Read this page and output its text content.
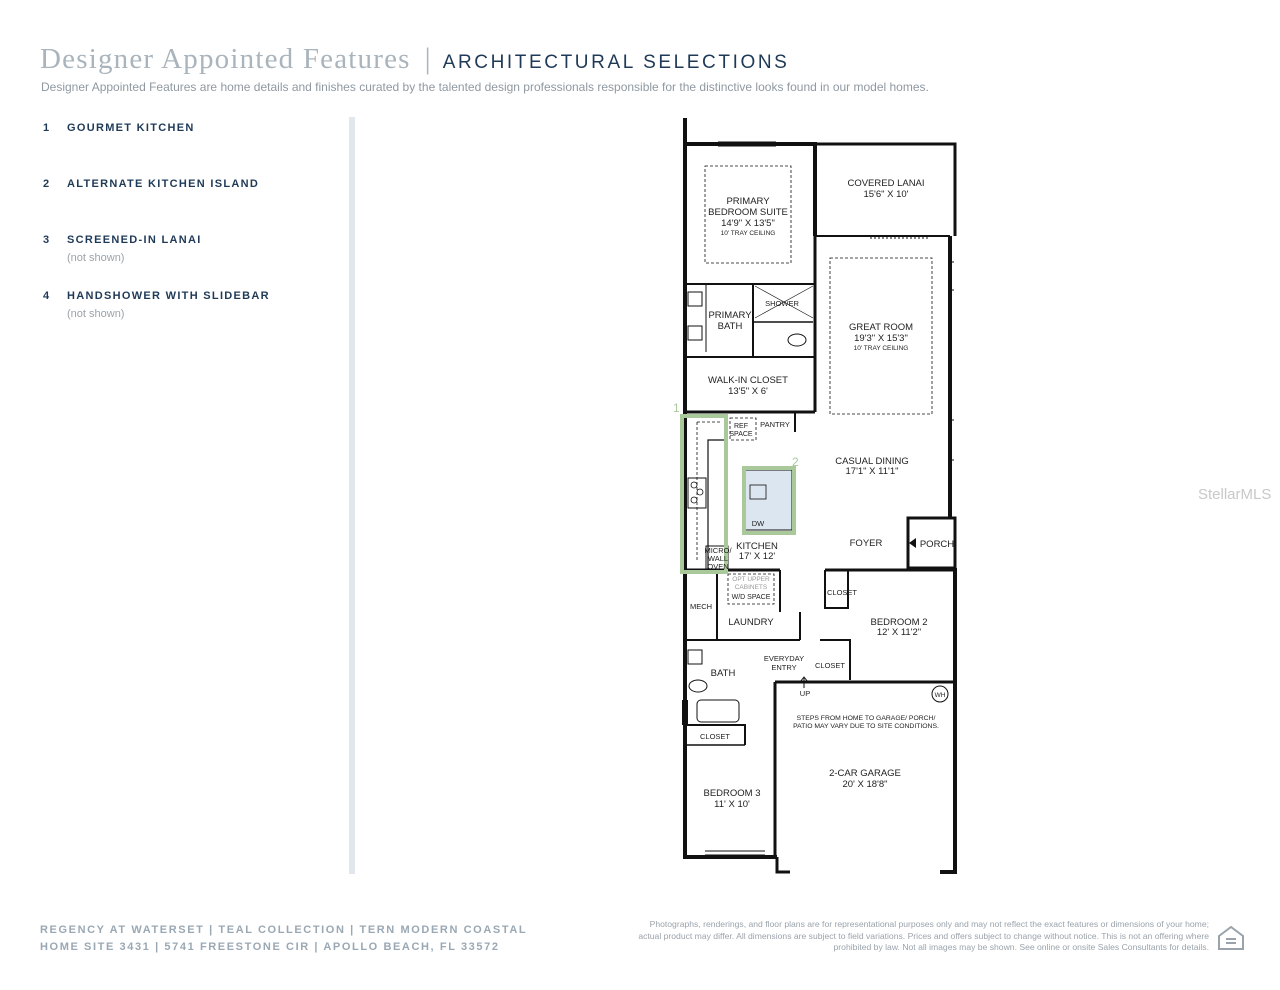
Designer Appointed Features | ARCHITECTURAL SELECTIONS
Designer Appointed Features are home details and finishes curated by the talented design professionals responsible for the distinctive looks found in our model homes.
1 GOURMET KITCHEN
2 ALTERNATE KITCHEN ISLAND
3 SCREENED-IN LANAI
(not shown)
4 HANDSHOWER WITH SLIDEBAR
(not shown)
PRIMARY
BEDROOM SUITE
14'9" X 13'5"
10' TRAY CEILING
COVERED LANAI
15'6" X 10'
SHOWER
PRIMARY
BATH	GREAT ROOM
19'3" X 15'3"
10' TRAY CEILING
WALK-IN CLOSET
13'5" X 6'
REF
SPACE
PANTRY
CASUAL DINING
17'1" X 11'1"
DW
MICRO/
WALL
OVEN
KITCHEN
17' X 12'
FOYER	PORCH
OPT UPPER
CABINETS
W/D SPACE
MECH
LAUNDRY
CLOSET
BEDROOM 2
12' X 11'2"
BATH
EVERYDAY
ENTRY CLOSET
UP	WH
STEPS FROM HOME TO GARAGE/ PORCH/
PATIO MAY VARY DUE TO SITE CONDITIONS.
CLOSET
2-CAR GARAGE
20' X 18'8"
BEDROOM 3
11' X 10'
1
2
StellarMLS
REGENCY AT WATERSET | TEAL COLLECTION | TERN MODERN COASTAL
HOME SITE 3431 | 5741 FREESTONE CIR | APOLLO BEACH, FL 33572
Photographs, renderings, and floor plans are for representational purposes only and may not reflect the exact features or dimensions of your home; actual product may differ. All dimensions are subject to field variations. Prices and offers subject to change without notice. This is not an offering where prohibited by law. Not all images may be shown. See online or onsite Sales Consultants for details.
